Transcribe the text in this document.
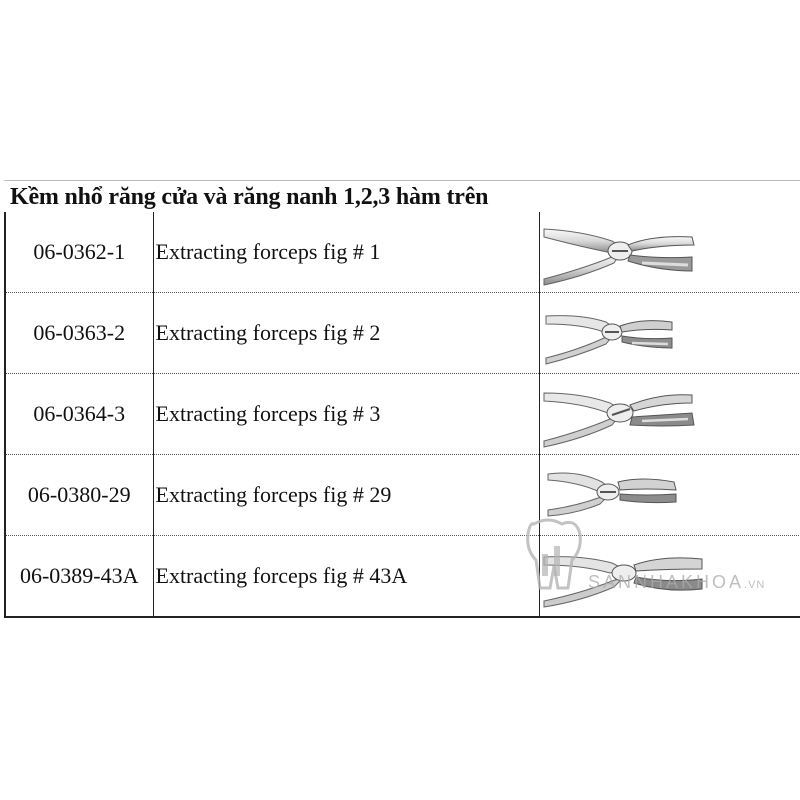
Kềm nhổ răng cửa và răng nanh 1,2,3 hàm trên
06-0362-1	Extracting forceps fig # 1	

06-0363-2	Extracting forceps fig # 2	

06-0364-3	Extracting forceps fig # 3	

06-0380-29	Extracting forceps fig # 29	

06-0389-43A	Extracting forceps fig # 43A		SANNHAKHOA.VN
